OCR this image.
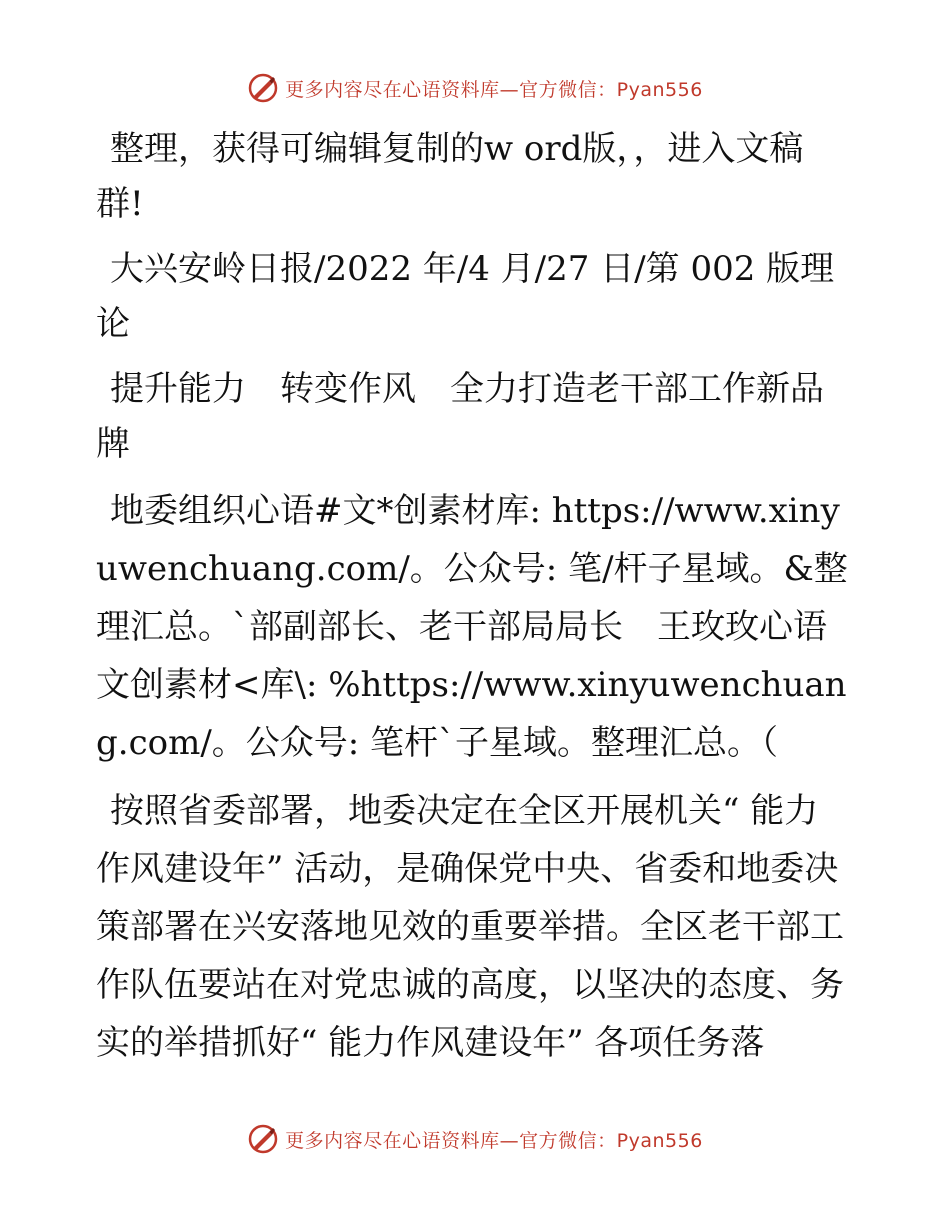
更多内容尽在心语资料库—官方微信：Pyan556

整理，获得可编辑复制的w ord版，，进入文稿群!

大兴安岭日报/2022 年/4 月/27 日/第 002 版理论

提升能力　转变作风　全力打造老干部工作新品牌

地委组织心语#文*创素材库: https://www.xinyuwenchuang.com/。公众号: 笔/杆子星域。&整理汇总。`部副部长、老干部局局长　王玫玫心语文创素材<库\: %https://www.xinyuwenchuang.com/。公众号: 笔杆`子星域。整理汇总。（

按照省委部署，地委决定在全区开展机关“ 能力作风建设年” 活动，是确保党中央、省委和地委决策部署在兴安落地见效的重要举措。全区老干部工作队伍要站在对党忠诚的高度，以坚决的态度、务实的举措抓好“ 能力作风建设年” 各项任务落

更多内容尽在心语资料库—官方微信：Pyan556
